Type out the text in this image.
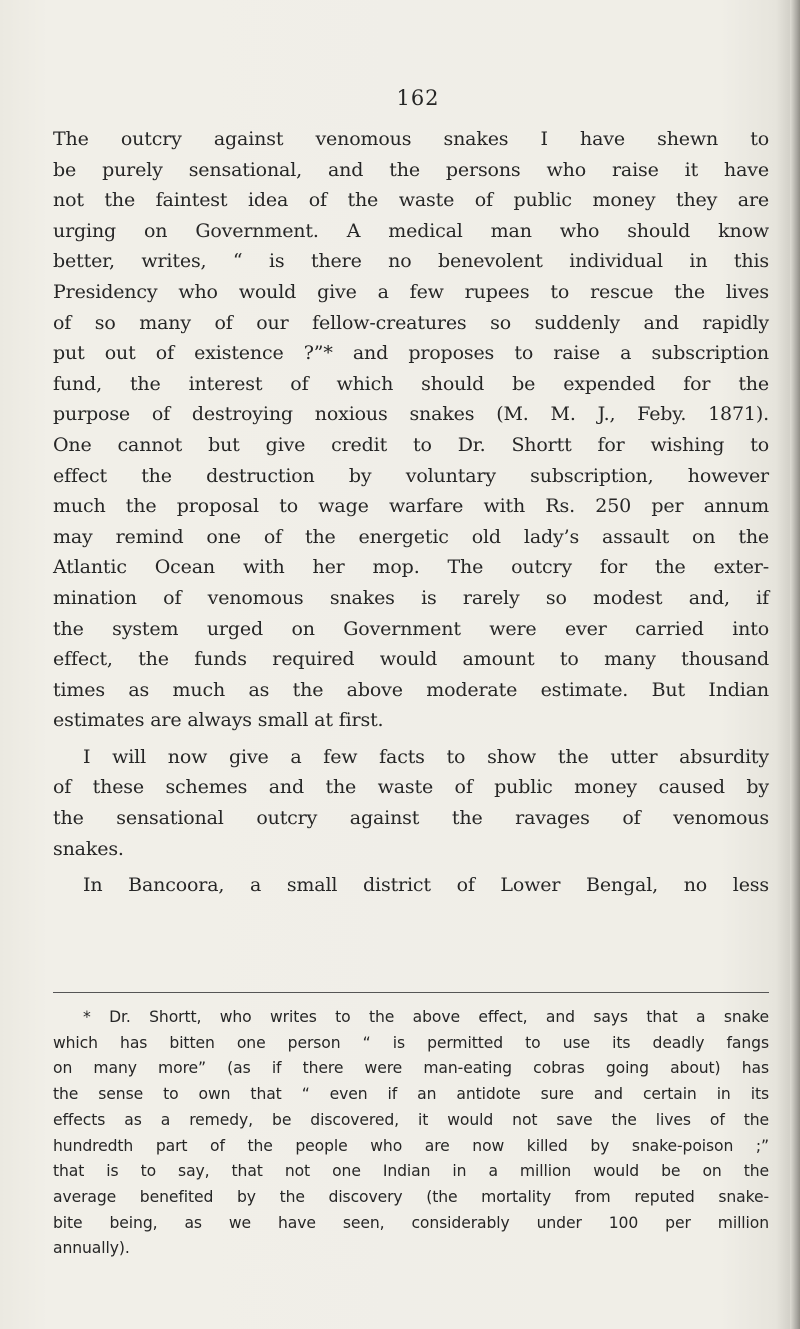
162

The outcry against venomous snakes I have shewn to

be purely sensational, and the persons who raise it have

not the faintest idea of the waste of public money they are

urging on Government. A medical man who should know

better, writes, “ is there no benevolent individual in this

Presidency who would give a few rupees to rescue the lives

of so many of our fellow-creatures so suddenly and rapidly

put out of existence ?”* and proposes to raise a subscription

fund, the interest of which should be expended for the

purpose of destroying noxious snakes (M. M. J., Feby. 1871).

One cannot but give credit to Dr. Shortt for wishing to

effect the destruction by voluntary subscription, however

much the proposal to wage warfare with Rs. 250 per annum

may remind one of the energetic old lady’s assault on the

Atlantic Ocean with her mop. The outcry for the exter-

mination of venomous snakes is rarely so modest and, if

the system urged on Government were ever carried into

effect, the funds required would amount to many thousand

times as much as the above moderate estimate. But Indian

estimates are always small at first.

I will now give a few facts to show the utter absurdity

of these schemes and the waste of public money caused by

the sensational outcry against the ravages of venomous

snakes.

In Bancoora, a small district of Lower Bengal, no less

* Dr. Shortt, who writes to the above effect, and says that a snake

which has bitten one person “ is permitted to use its deadly fangs

on many more” (as if there were man-eating cobras going about) has

the sense to own that “ even if an antidote sure and certain in its

effects as a remedy, be discovered, it would not save the lives of the

hundredth part of the people who are now killed by snake-poison ;”

that is to say, that not one Indian in a million would be on the

average benefited by the discovery (the mortality from reputed snake-

bite being, as we have seen, considerably under 100 per million

annually).
